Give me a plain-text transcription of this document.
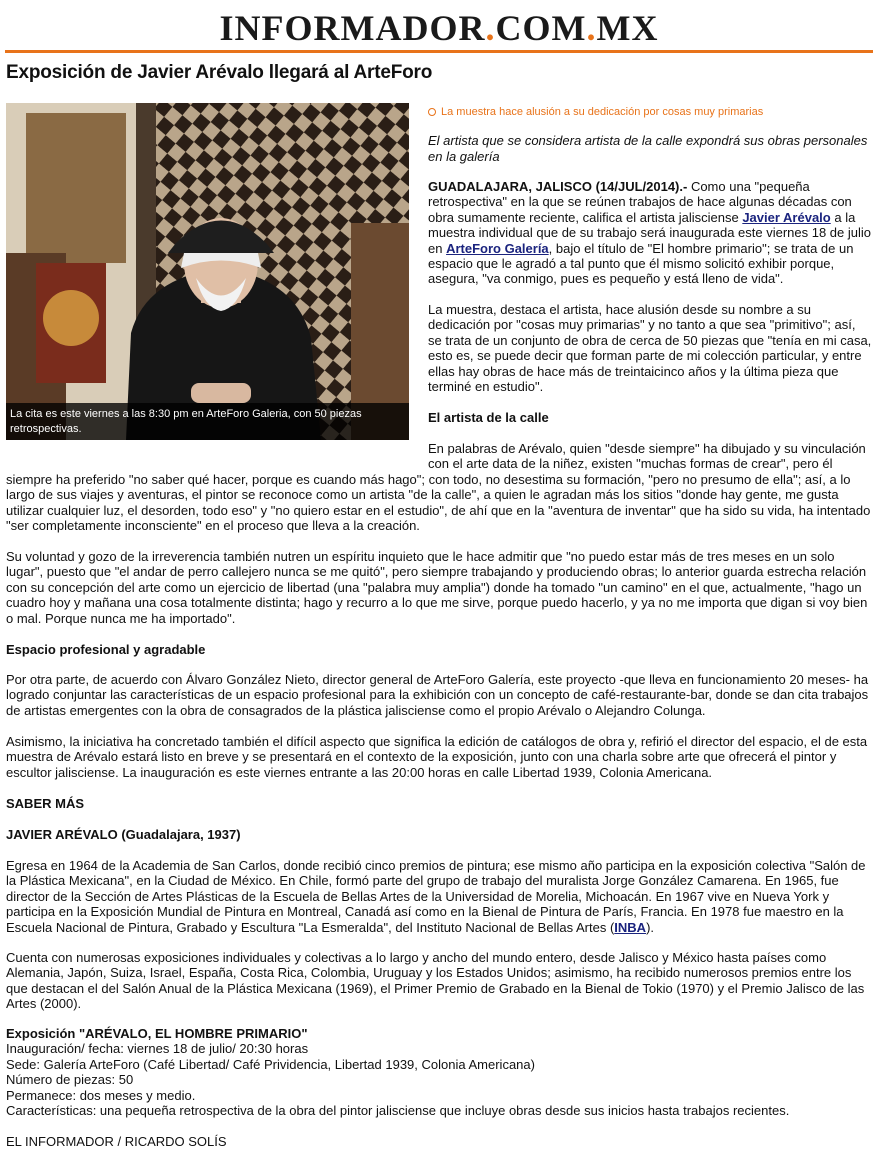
INFORMADOR.COM.MX
Exposición de Javier Arévalo llegará al ArteForo
La cita es este viernes a las 8:30 pm en ArteForo Galeria, con 50 piezas retrospectivas.
La muestra hace alusión a su dedicación por cosas muy primarias
El artista que se considera artista de la calle expondrá sus obras personales en la galería

GUADALAJARA, JALISCO (14/JUL/2014).- Como una "pequeña retrospectiva" en la que se reúnen trabajos de hace algunas décadas con obra sumamente reciente, califica el artista jalisciense Javier Arévalo a la muestra individual que de su trabajo será inaugurada este viernes 18 de julio en ArteForo Galería, bajo el título de "El hombre primario"; se trata de un espacio que le agradó a tal punto que él mismo solicitó exhibir porque, asegura, "va conmigo, pues es pequeño y está lleno de vida".

La muestra, destaca el artista, hace alusión desde su nombre a su dedicación por "cosas muy primarias" y no tanto a que sea "primitivo"; así, se trata de un conjunto de obra de cerca de 50 piezas que "tenía en mi casa, esto es, se puede decir que forman parte de mi colección particular, y entre ellas hay obras de hace más de treintaicinco años y la última pieza que terminé en estudio".

El artista de la calle

En palabras de Arévalo, quien "desde siempre" ha dibujado y su vinculación con el arte data de la niñez, existen "muchas formas de crear", pero él

siempre ha preferido "no saber qué hacer, porque es cuando más hago"; con todo, no desestima su formación, "pero no presumo de ella"; así, a lo largo de sus viajes y aventuras, el pintor se reconoce como un artista "de la calle", a quien le agradan más los sitios "donde hay gente, me gusta utilizar cualquier luz, el desorden, todo eso" y "no quiero estar en el estudio", de ahí que en la "aventura de inventar" que ha sido su vida, ha intentado "ser completamente inconsciente" en el proceso que lleva a la creación.

Su voluntad y gozo de la irreverencia también nutren un espíritu inquieto que le hace admitir que "no puedo estar más de tres meses en un solo lugar", puesto que "el andar de perro callejero nunca se me quitó", pero siempre trabajando y produciendo obras; lo anterior guarda estrecha relación con su concepción del arte como un ejercicio de libertad (una "palabra muy amplia") donde ha tomado "un camino" en el que, actualmente, "hago un cuadro hoy y mañana una cosa totalmente distinta; hago y recurro a lo que me sirve, porque puedo hacerlo, y ya no me importa que digan si voy bien o mal. Porque nunca me ha importado".

Espacio profesional y agradable

Por otra parte, de acuerdo con Álvaro González Nieto, director general de ArteForo Galería, este proyecto -que lleva en funcionamiento 20 meses- ha logrado conjuntar las características de un espacio profesional para la exhibición con un concepto de café-restaurante-bar, donde se dan cita trabajos de artistas emergentes con la obra de consagrados de la plástica jalisciense como el propio Arévalo o Alejandro Colunga.

Asimismo, la iniciativa ha concretado también el difícil aspecto que significa la edición de catálogos de obra y, refirió el director del espacio, el de esta muestra de Arévalo estará listo en breve y se presentará en el contexto de la exposición, junto con una charla sobre arte que ofrecerá el pintor y escultor jalisciense. La inauguración es este viernes entrante a las 20:00 horas en calle Libertad 1939, Colonia Americana.

SABER MÁS

JAVIER ARÉVALO (Guadalajara, 1937)

Egresa en 1964 de la Academia de San Carlos, donde recibió cinco premios de pintura; ese mismo año participa en la exposición colectiva "Salón de la Plástica Mexicana", en la Ciudad de México. En Chile, formó parte del grupo de trabajo del muralista Jorge González Camarena. En 1965, fue director de la Sección de Artes Plásticas de la Escuela de Bellas Artes de la Universidad de Morelia, Michoacán. En 1967 vive en Nueva York y participa en la Exposición Mundial de Pintura en Montreal, Canadá así como en la Bienal de Pintura de París, Francia. En 1978 fue maestro en la Escuela Nacional de Pintura, Grabado y Escultura "La Esmeralda", del Instituto Nacional de Bellas Artes (INBA).

Cuenta con numerosas exposiciones individuales y colectivas a lo largo y ancho del mundo entero, desde Jalisco y México hasta países como Alemania, Japón, Suiza, Israel, España, Costa Rica, Colombia, Uruguay y los Estados Unidos; asimismo, ha recibido numerosos premios entre los que destacan el del Salón Anual de la Plástica Mexicana (1969), el Primer Premio de Grabado en la Bienal de Tokio (1970) y el Premio Jalisco de las Artes (2000).

Exposición "ARÉVALO, EL HOMBRE PRIMARIO"
Inauguración/ fecha: viernes 18 de julio/ 20:30 horas
Sede: Galería ArteForo (Café Libertad/ Café Prividencia, Libertad 1939, Colonia Americana)
Número de piezas: 50
Permanece: dos meses y medio.
Características: una pequeña retrospectiva de la obra del pintor jalisciense que incluye obras desde sus inicios hasta trabajos recientes.

EL INFORMADOR / RICARDO SOLÍS
